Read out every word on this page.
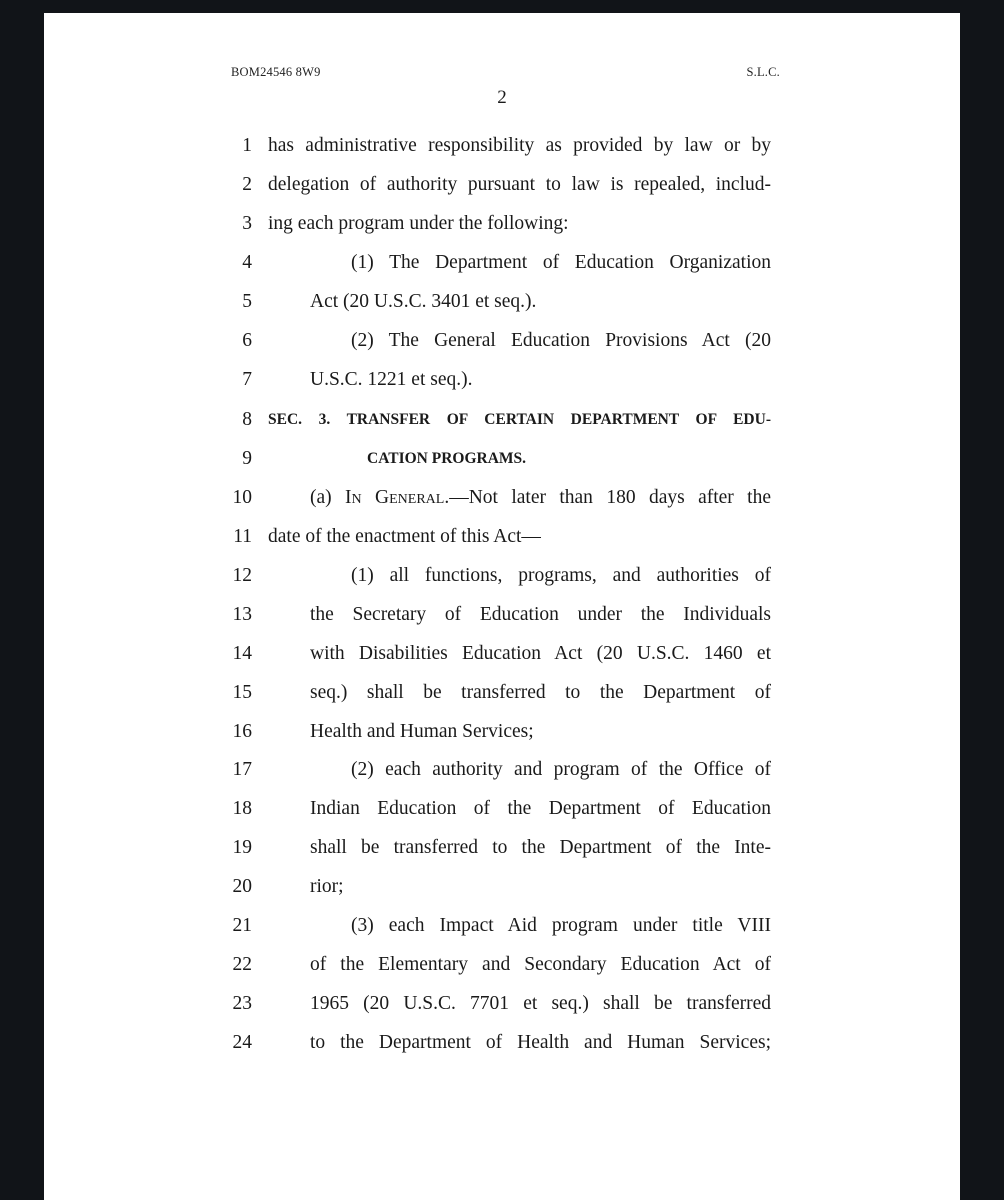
BOM24546 8W9	S.L.C.
2
1 has administrative responsibility as provided by law or by
2 delegation of authority pursuant to law is repealed, includ-
3 ing each program under the following:
4	(1) The Department of Education Organization
5	Act (20 U.S.C. 3401 et seq.).
6	(2) The General Education Provisions Act (20
7	U.S.C. 1221 et seq.).
8 SEC. 3. TRANSFER OF CERTAIN DEPARTMENT OF EDU-
9	CATION PROGRAMS.
10	(a) In General.—Not later than 180 days after the
11 date of the enactment of this Act—
12	(1) all functions, programs, and authorities of
13	the Secretary of Education under the Individuals
14	with Disabilities Education Act (20 U.S.C. 1460 et
15	seq.) shall be transferred to the Department of
16	Health and Human Services;
17	(2) each authority and program of the Office of
18	Indian Education of the Department of Education
19	shall be transferred to the Department of the Inte-
20	rior;
21	(3) each Impact Aid program under title VIII
22	of the Elementary and Secondary Education Act of
23	1965 (20 U.S.C. 7701 et seq.) shall be transferred
24	to the Department of Health and Human Services;
